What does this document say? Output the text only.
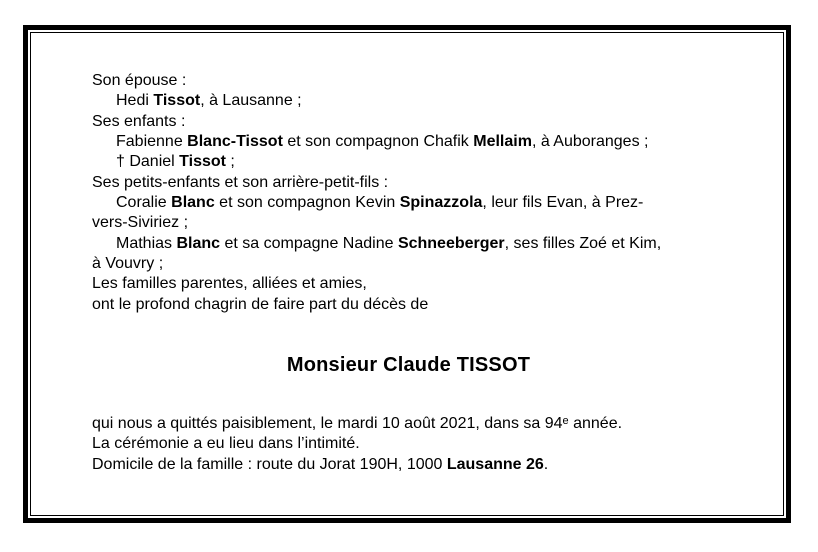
Son épouse :
Hedi Tissot, à Lausanne ;
Ses enfants :
Fabienne Blanc-Tissot et son compagnon Chafik Mellaim, à Auboranges ;
† Daniel Tissot ;
Ses petits-enfants et son arrière-petit-fils :
Coralie Blanc et son compagnon Kevin Spinazzola, leur fils Evan, à Prez-
vers-Siviriez ;
Mathias Blanc et sa compagne Nadine Schneeberger, ses filles Zoé et Kim,
à Vouvry ;
Les familles parentes, alliées et amies,
ont le profond chagrin de faire part du décès de
Monsieur Claude TISSOT
qui nous a quittés paisiblement, le mardi 10 août 2021, dans sa 94e année.
La cérémonie a eu lieu dans l’intimité.
Domicile de la famille : route du Jorat 190H, 1000 Lausanne 26.
